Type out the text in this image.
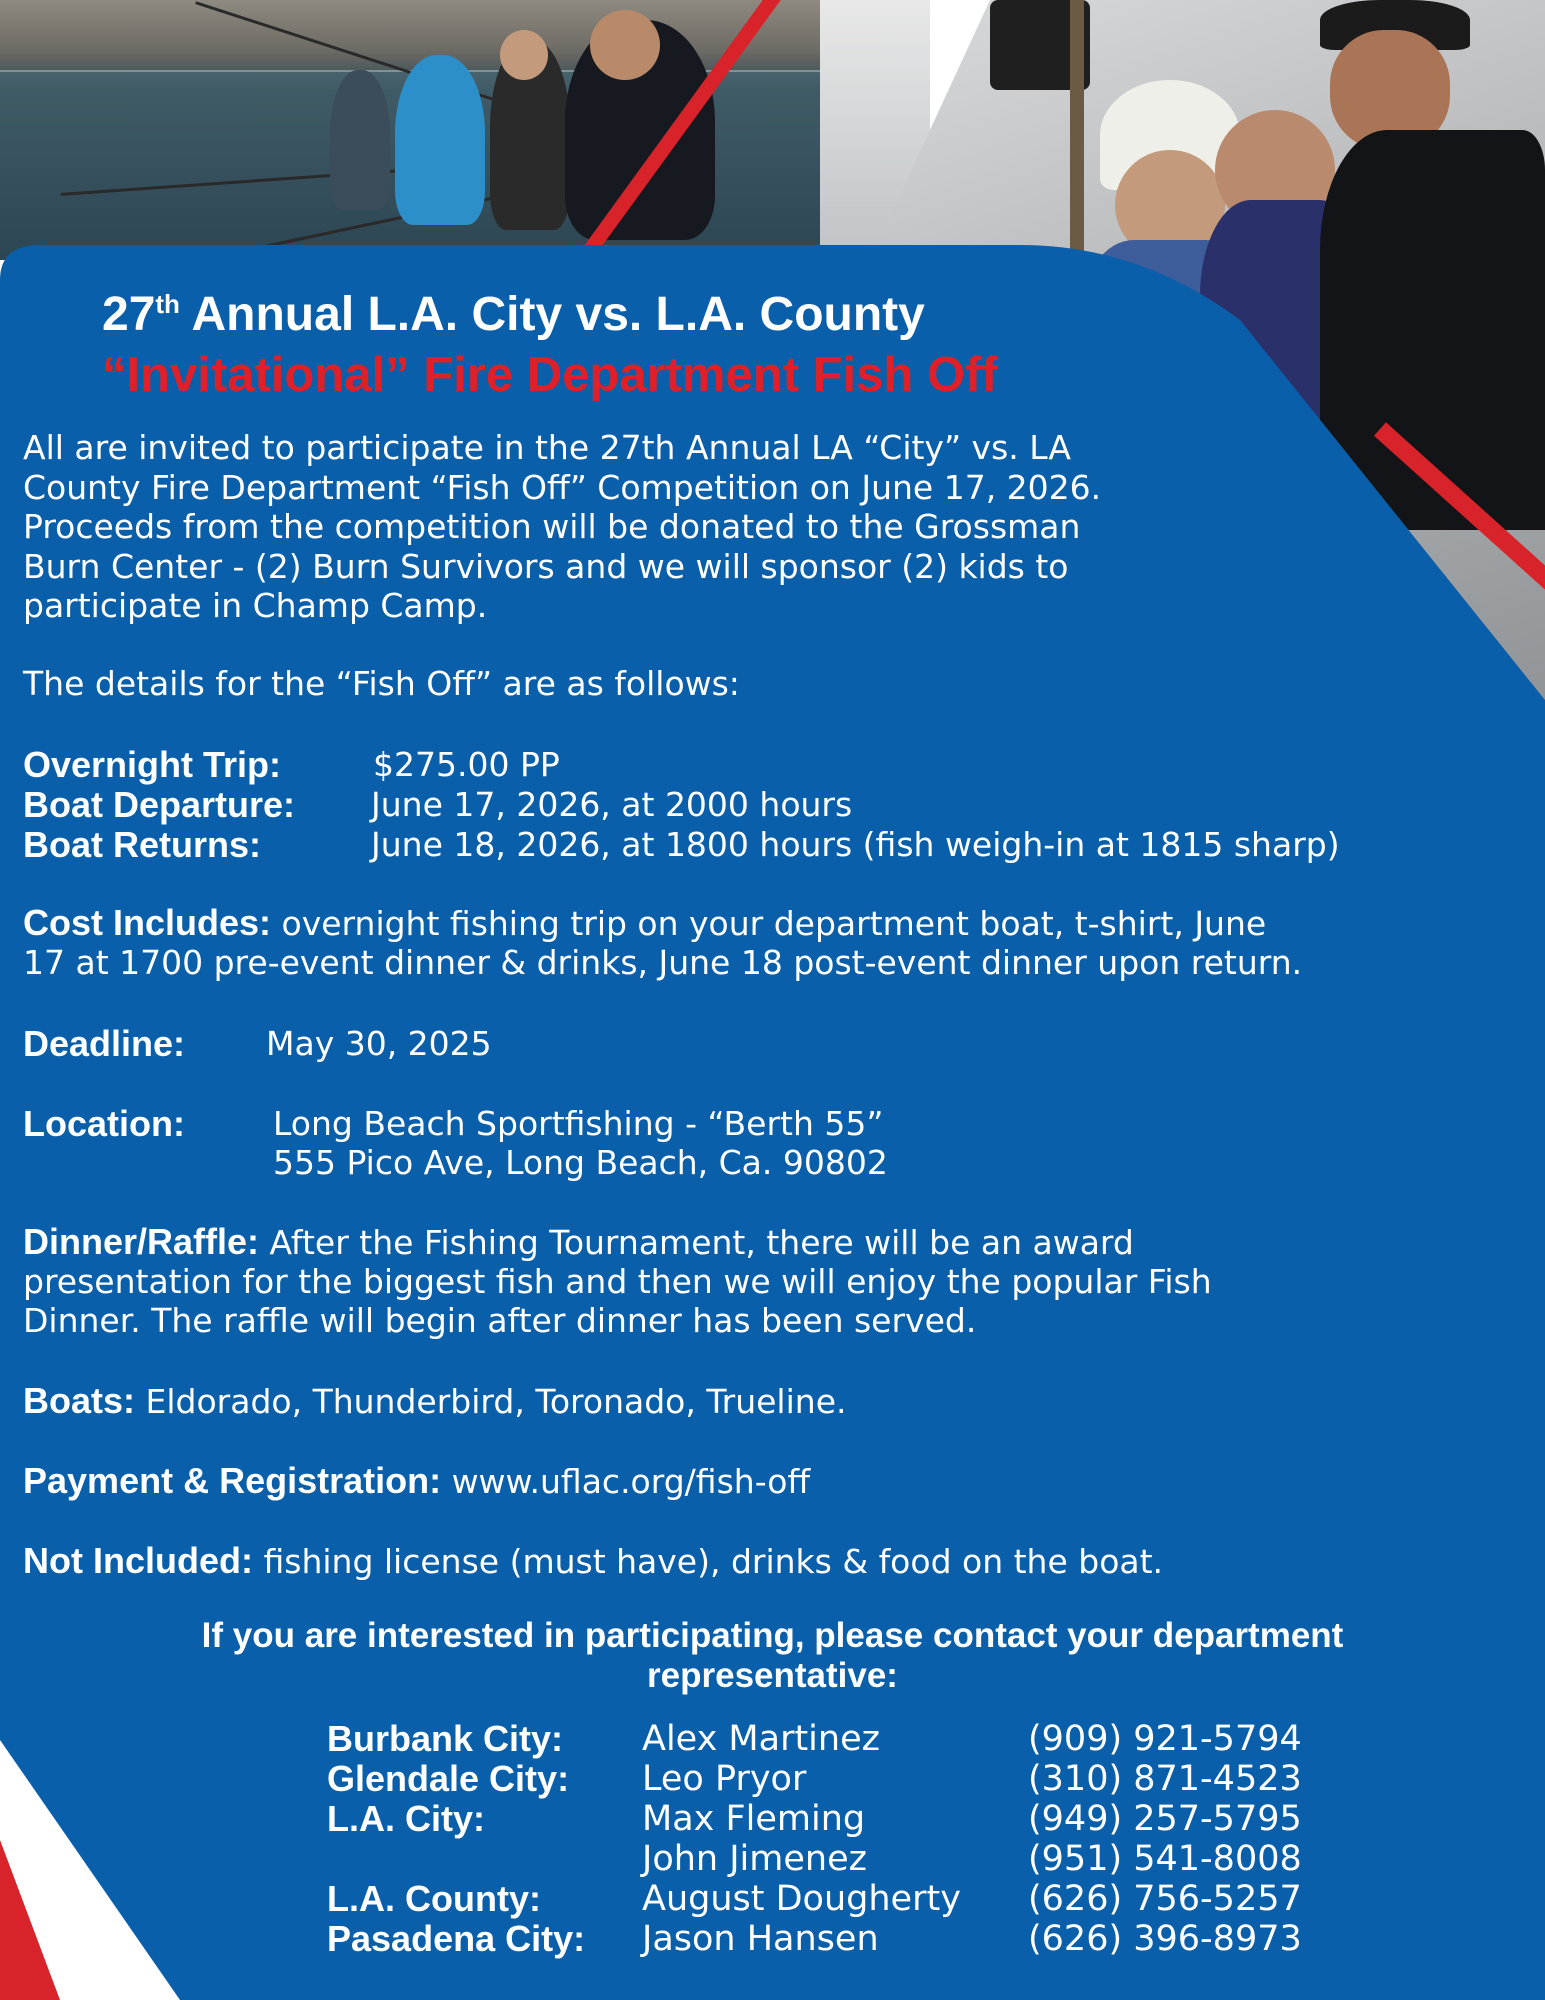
27th Annual L.A. City vs. L.A. County
“Invitational” Fire Department Fish Off

All are invited to participate in the 27th Annual LA “City” vs. LA
County Fire Department “Fish Off” Competition on June 17, 2026.
Proceeds from the competition will be donated to the Grossman
Burn Center - (2) Burn Survivors and we will sponsor (2) kids to
participate in Champ Camp.

The details for the “Fish Off” are as follows:

Overnight Trip:	$275.00 PP
Boat Departure: June 17, 2026, at 2000 hours
Boat Returns:	June 18, 2026, at 1800 hours (fish weigh-in at 1815 sharp)

Cost Includes: overnight fishing trip on your department boat, t-shirt, June
17 at 1700 pre-event dinner & drinks, June 18 post-event dinner upon return.

Deadline: May 30, 2025
Location:	Long Beach Sportfishing - “Berth 55”
555 Pico Ave, Long Beach, Ca. 90802

Dinner/Raffle: After the Fishing Tournament, there will be an award
presentation for the biggest fish and then we will enjoy the popular Fish
Dinner. The raffle will begin after dinner has been served.

Boats: Eldorado, Thunderbird, Toronado, Trueline.

Payment & Registration: www.uflac.org/fish-off

Not Included: fishing license (must have), drinks & food on the boat.

If you are interested in participating, please contact your department
representative:

Burbank City: Alex Martinez	(909) 921-5794
Glendale City: Leo Pryor	(310) 871-4523
L.A. City:	Max Fleming	(949) 257-5795
John Jimenez	(951) 541-8008
L.A. County:	August Dougherty (626) 756-5257
Pasadena City: Jason Hansen	(626) 396-8973
